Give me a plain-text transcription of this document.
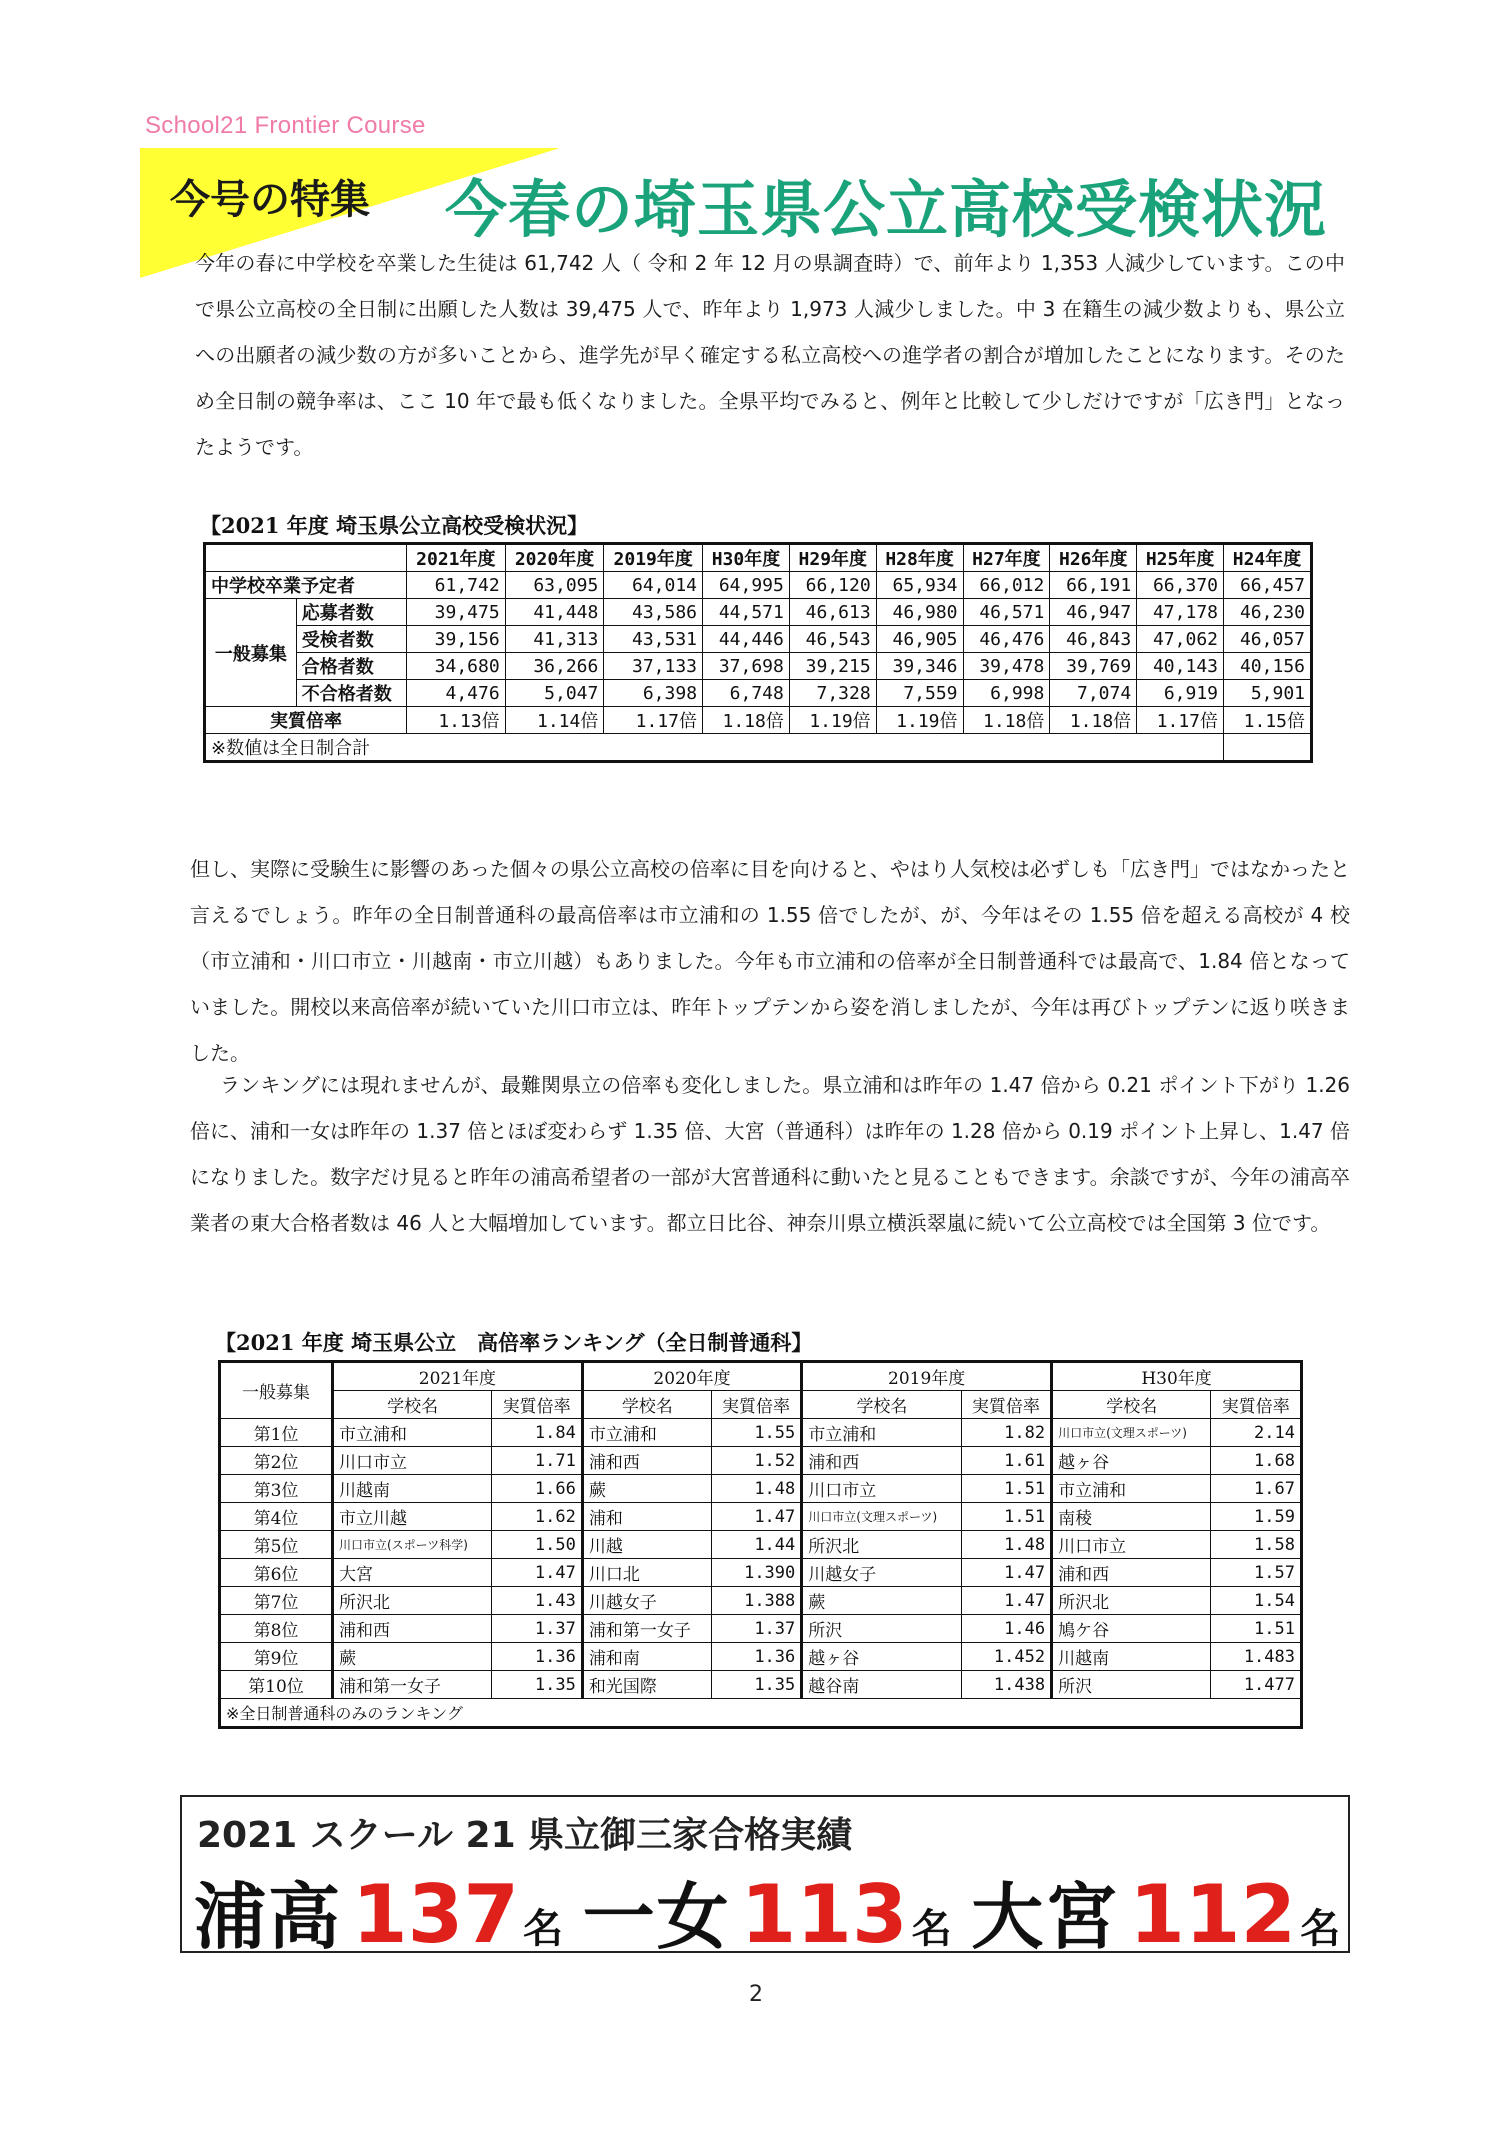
School21 Frontier Course
今号の特集 今春の埼玉県公立高校受検状況

今年の春に中学校を卒業した生徒は 61,742 人（ 令和 2 年 12 月の県調査時）で、前年より 1,353 人減少しています。この中で県公立高校の全日制に出願した人数は 39,475 人で、昨年より 1,973 人減少しました。中 3 在籍生の減少数よりも、県公立への出願者の減少数の方が多いことから、進学先が早く確定する私立高校への進学者の割合が増加したことになります。そのため全日制の競争率は、ここ 10 年で最も低くなりました。全県平均でみると、例年と比較して少しだけですが「広き門」となったようです。

【2021 年度 埼玉県公立高校受検状況】
		2021年度	2020年度	2019年度	H30年度	H29年度	H28年度	H27年度	H26年度	H25年度	H24年度
中学校卒業予定者		61,742	63,095	64,014	64,995	66,120	65,934	66,012	66,191	66,370	66,457
一般募集	応募者数	39,475	41,448	43,586	44,571	46,613	46,980	46,571	46,947	47,178	46,230
	受検者数	39,156	41,313	43,531	44,446	46,543	46,905	46,476	46,843	47,062	46,057
	合格者数	34,680	36,266	37,133	37,698	39,215	39,346	39,478	39,769	40,143	40,156
	不合格者数	4,476	5,047	6,398	6,748	7,328	7,559	6,998	7,074	6,919	5,901
実質倍率		1.13倍	1.14倍	1.17倍	1.18倍	1.19倍	1.19倍	1.18倍	1.18倍	1.17倍	1.15倍
※数値は全日制合計											

但し、実際に受験生に影響のあった個々の県公立高校の倍率に目を向けると、やはり人気校は必ずしも「広き門」ではなかったと言えるでしょう。昨年の全日制普通科の最高倍率は市立浦和の 1.55 倍でしたが、が、今年はその 1.55 倍を超える高校が 4 校（市立浦和・川口市立・川越南・市立川越）もありました。今年も市立浦和の倍率が全日制普通科では最高で、1.84 倍となっていました。開校以来高倍率が続いていた川口市立は、昨年トップテンから姿を消しましたが、今年は再びトップテンに返り咲きました。

ランキングには現れませんが、最難関県立の倍率も変化しました。県立浦和は昨年の 1.47 倍から 0.21 ポイント下がり 1.26 倍に、浦和一女は昨年の 1.37 倍とほぼ変わらず 1.35 倍、大宮（普通科）は昨年の 1.28 倍から 0.19 ポイント上昇し、1.47 倍になりました。数字だけ見ると昨年の浦高希望者の一部が大宮普通科に動いたと見ることもできます。余談ですが、今年の浦高卒業者の東大合格者数は 46 人と大幅増加しています。都立日比谷、神奈川県立横浜翠嵐に続いて公立高校では全国第 3 位です。

【2021 年度 埼玉県公立　高倍率ランキング（全日制普通科】
一般募集	2021年度		2020年度		2019年度		H30年度	
	学校名	実質倍率	学校名	実質倍率	学校名	実質倍率	学校名	実質倍率
第1位	市立浦和	1.84	市立浦和	1.55	市立浦和	1.82	川口市立(文理スポーツ)	2.14
第2位	川口市立	1.71	浦和西	1.52	浦和西	1.61	越ヶ谷	1.68
第3位	川越南	1.66	蕨	1.48	川口市立	1.51	市立浦和	1.67
第4位	市立川越	1.62	浦和	1.47	川口市立(文理スポーツ)	1.51	南稜	1.59
第5位	川口市立(スポーツ科学)	1.50	川越	1.44	所沢北	1.48	川口市立	1.58
第6位	大宮	1.47	川口北	1.390	川越女子	1.47	浦和西	1.57
第7位	所沢北	1.43	川越女子	1.388	蕨	1.47	所沢北	1.54
第8位	浦和西	1.37	浦和第一女子	1.37	所沢	1.46	鳩ケ谷	1.51
第9位	蕨	1.36	浦和南	1.36	越ヶ谷	1.452	川越南	1.483
第10位	浦和第一女子	1.35	和光国際	1.35	越谷南	1.438	所沢	1.477
※全日制普通科のみのランキング								
2021 スクール 21 県立御三家合格実績
浦高 137 名 一女 113 名 大宮 112 名
2
